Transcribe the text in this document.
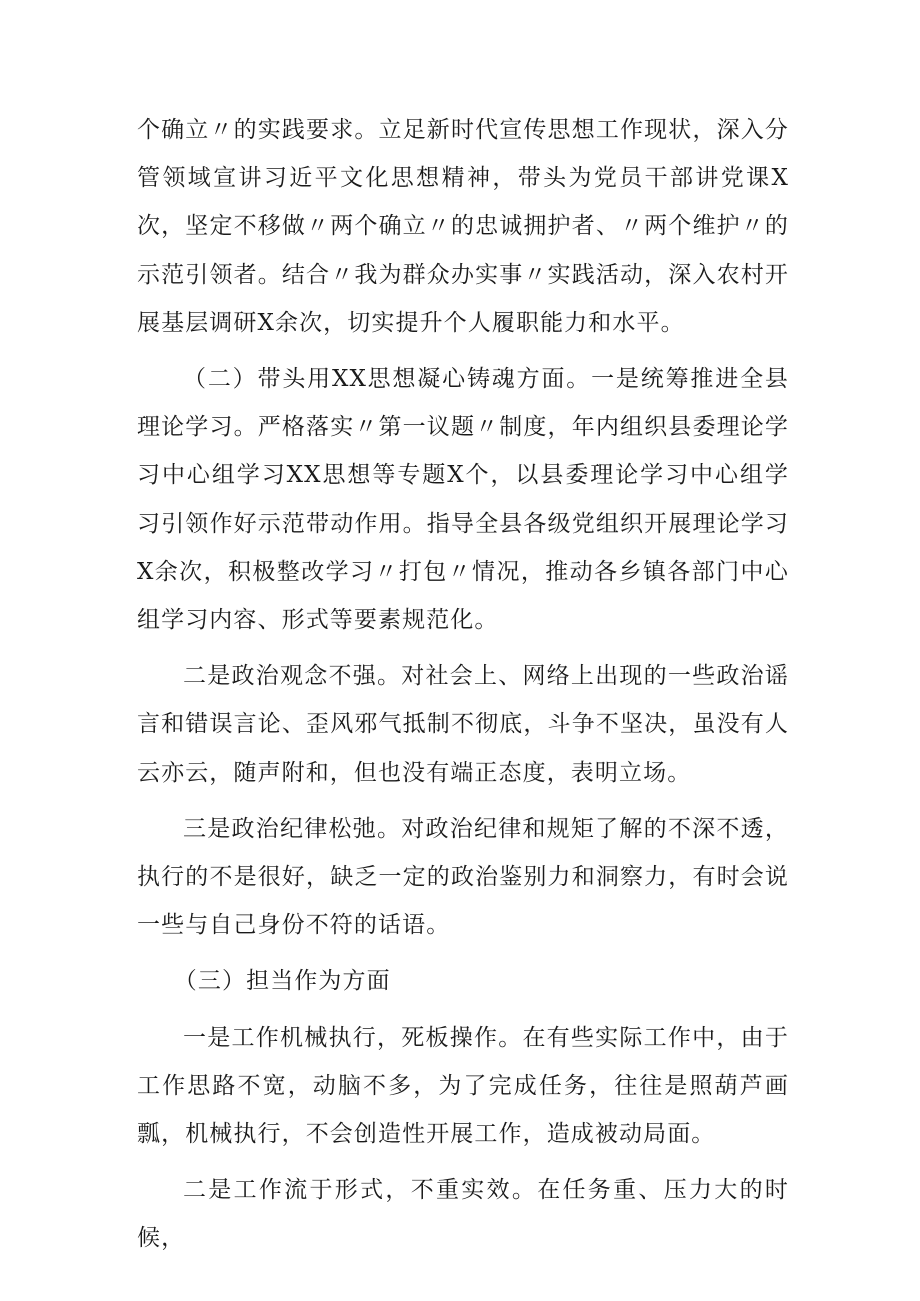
个确立〃的实践要求。立足新时代宣传思想工作现状，深入分管领域宣讲习近平文化思想精神，带头为党员干部讲党课X次，坚定不移做〃两个确立〃的忠诚拥护者、〃两个维护〃的示范引领者。结合〃我为群众办实事〃实践活动，深入农村开展基层调研X余次，切实提升个人履职能力和水平。

（二）带头用XX思想凝心铸魂方面。一是统筹推进全县理论学习。严格落实〃第一议题〃制度，年内组织县委理论学习中心组学习XX思想等专题X个，以县委理论学习中心组学习引领作好示范带动作用。指导全县各级党组织开展理论学习X余次，积极整改学习〃打包〃情况，推动各乡镇各部门中心组学习内容、形式等要素规范化。

二是政治观念不强。对社会上、网络上出现的一些政治谣言和错误言论、歪风邪气抵制不彻底，斗争不坚决，虽没有人云亦云，随声附和，但也没有端正态度，表明立场。

三是政治纪律松弛。对政治纪律和规矩了解的不深不透，执行的不是很好，缺乏一定的政治鉴别力和洞察力，有时会说一些与自己身份不符的话语。

（三）担当作为方面

一是工作机械执行，死板操作。在有些实际工作中，由于工作思路不宽，动脑不多，为了完成任务，往往是照葫芦画瓢，机械执行，不会创造性开展工作，造成被动局面。

二是工作流于形式，不重实效。在任务重、压力大的时候，
